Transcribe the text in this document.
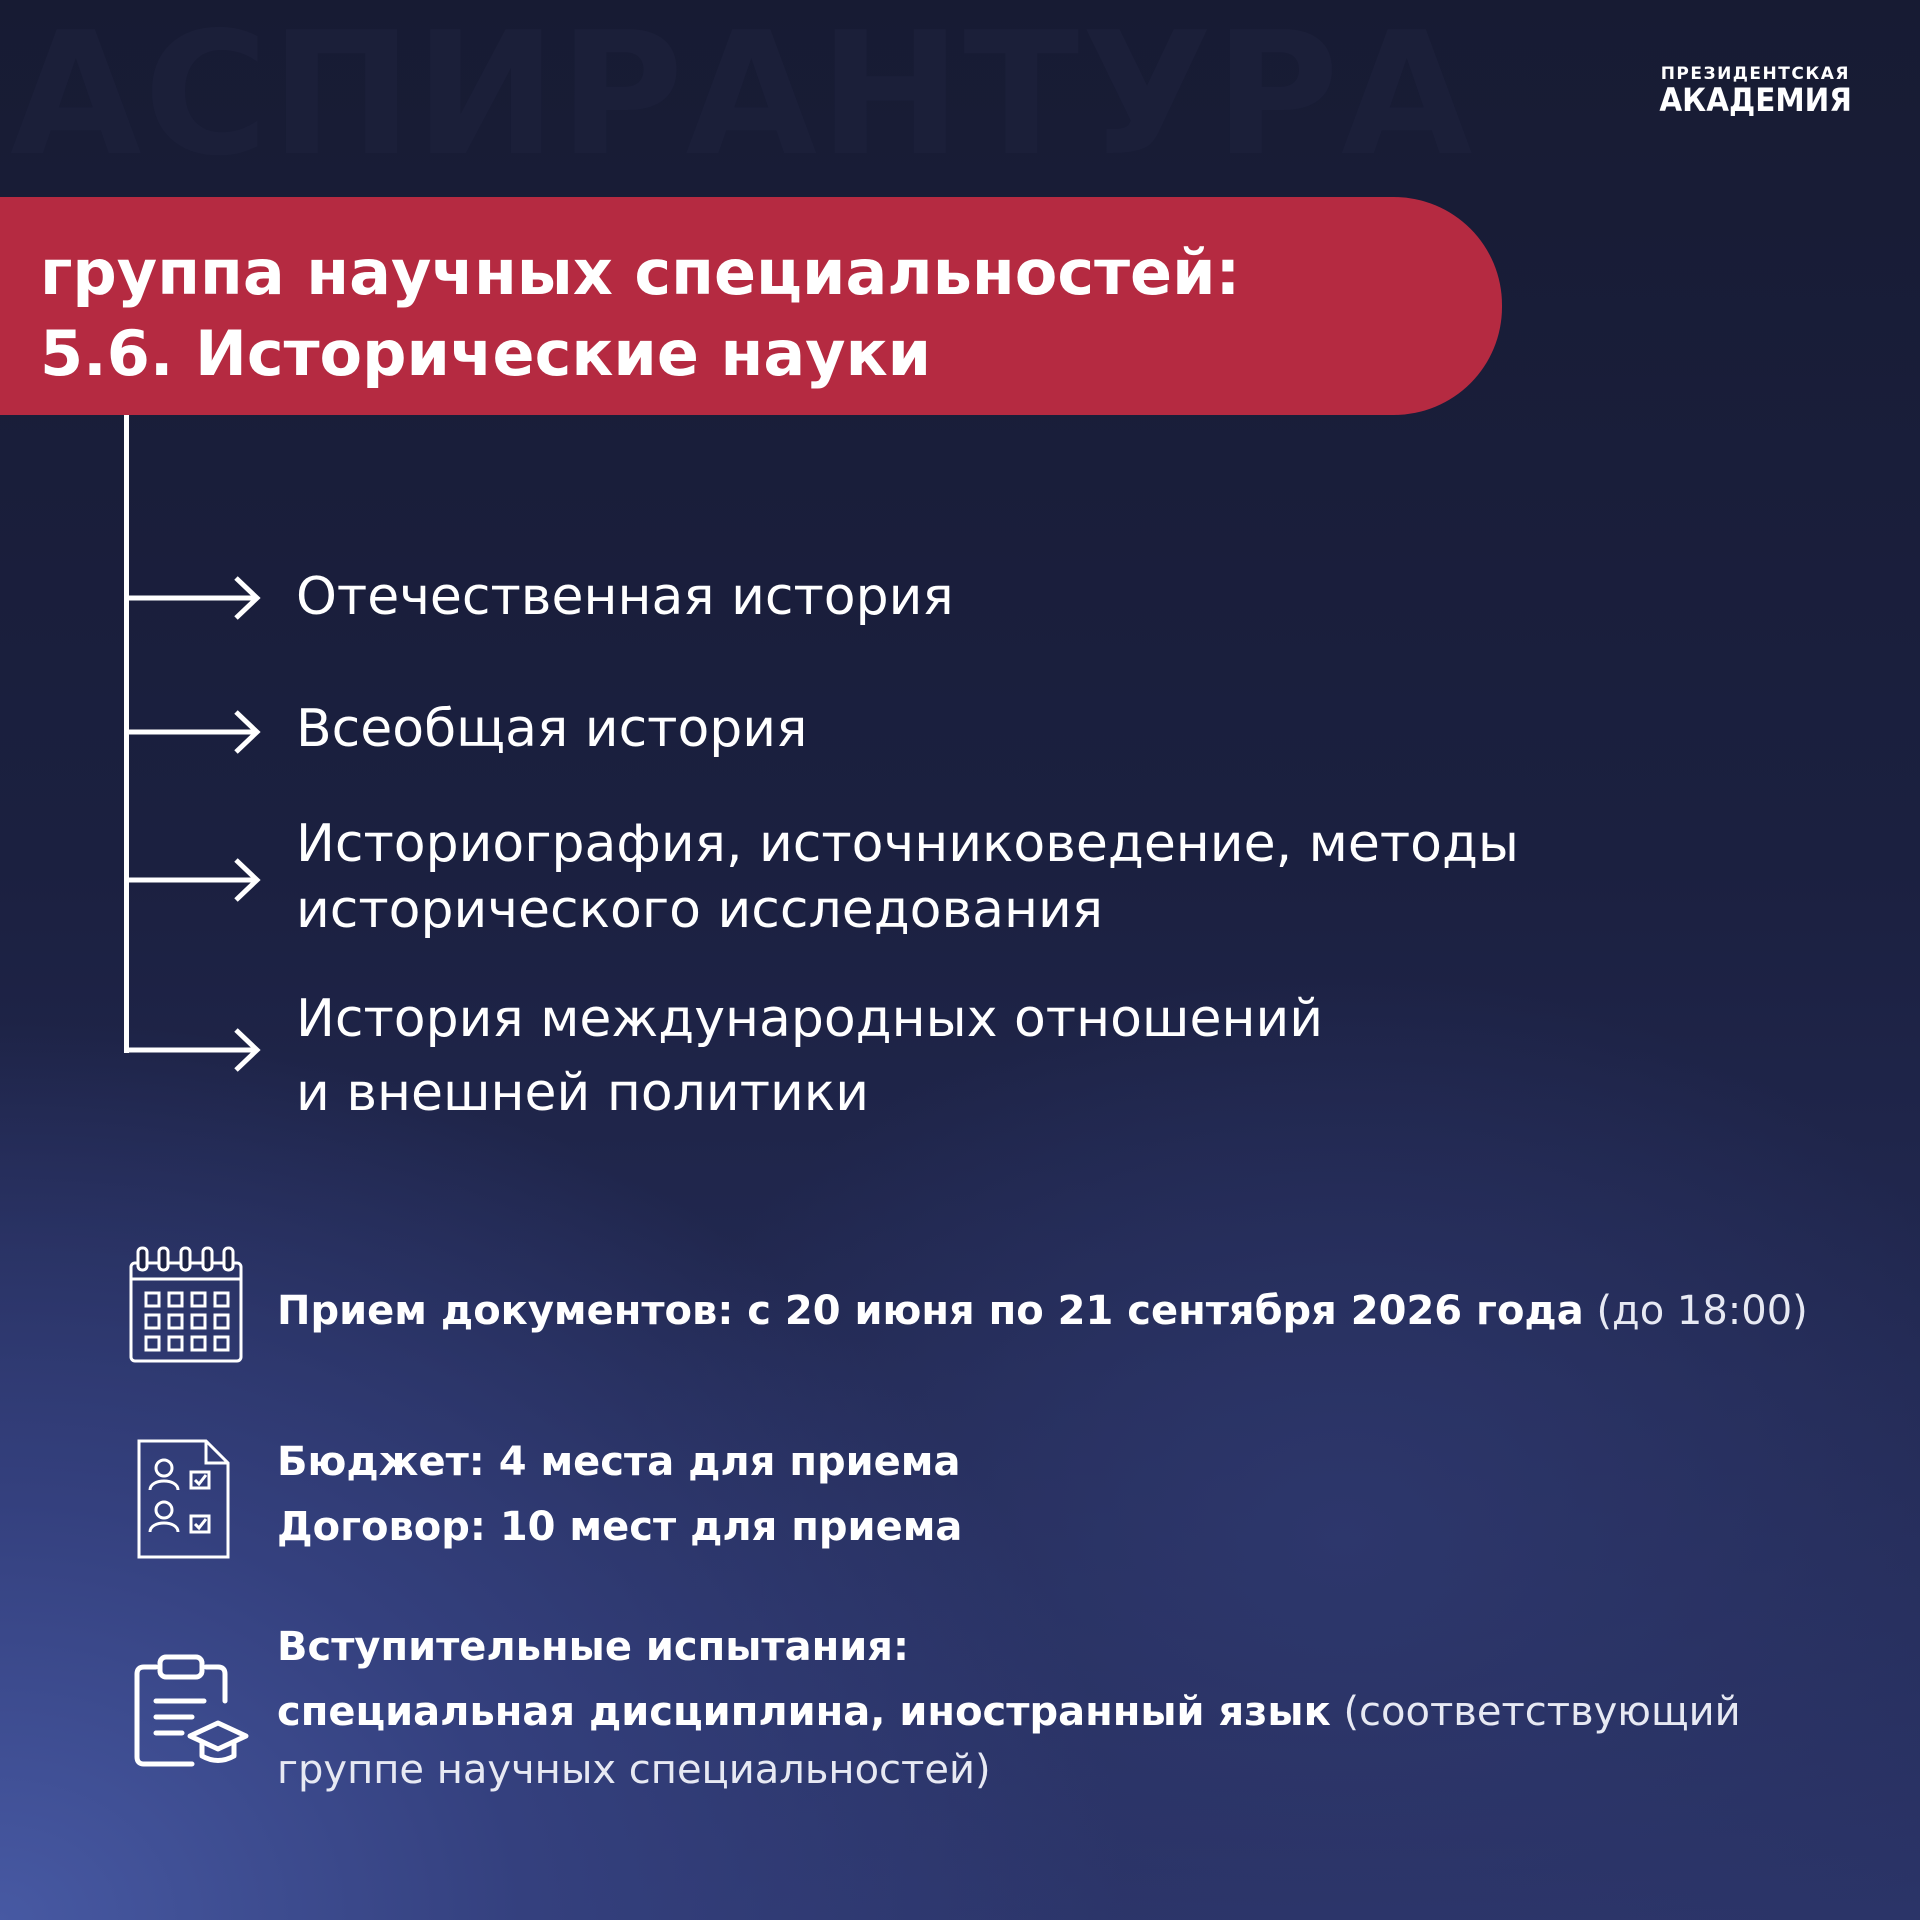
АСПИРАНТУРА	ПРЕЗИДЕНТСКАЯ
АКАДЕМИЯ
группа научных специальностей:
5.6. Исторические науки
Отечественная история
Всеобщая история
Историография, источниковедение, методы
исторического исследования
История международных отношений
и внешней политики
Прием документов: с 20 июня по 21 сентября 2026 года (до 18:00)
Бюджет: 4 места для приема
Договор: 10 мест для приема
Вступительные испытания:
специальная дисциплина, иностранный язык (соответствующий
группе научных специальностей)
